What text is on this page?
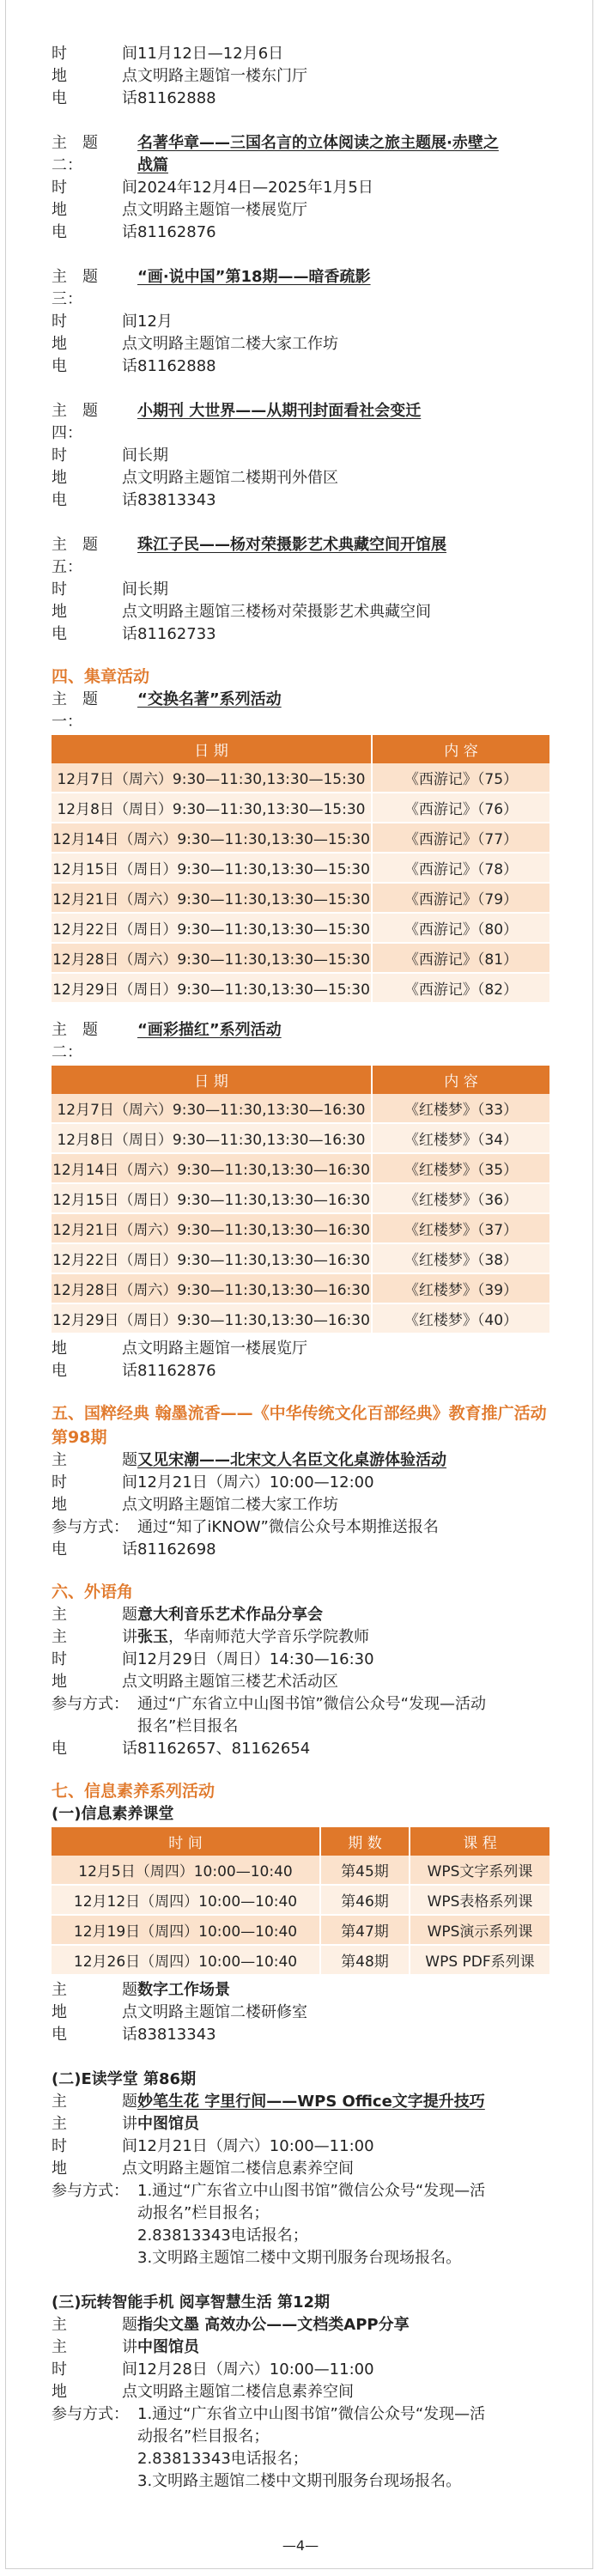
时	间 11月12日—12月6日
地	点 文明路主题馆一楼东门厅
电	话 81162888
主　题　二：
名著华章——三国名言的立体阅读之旅主题展·赤壁之
战篇
时	间 2024年12月4日—2025年1月5日
地	点 文明路主题馆一楼展览厅
电	话 81162876
主　题　三：
“画·说中国”第18期——暗香疏影
时	间 12月
地	点 文明路主题馆二楼大家工作坊
电	话 81162888
主　题　四：
小期刊 大世界——从期刊封面看社会变迁
时	间 长期
地	点 文明路主题馆二楼期刊外借区
电	话 83813343
主　题　五：
珠江子民——杨对荣摄影艺术典藏空间开馆展
时	间 长期
地	点 文明路主题馆三楼杨对荣摄影艺术典藏空间
电	话 81162733
四、集章活动
主　题　一：
“交换名著”系列活动
日 期	内 容
12月7日（周六）9:30—11:30,13:30—15:30	《西游记》（75）
12月8日（周日）9:30—11:30,13:30—15:30	《西游记》（76）
12月14日（周六）9:30—11:30,13:30—15:30	《西游记》（77）
12月15日（周日）9:30—11:30,13:30—15:30	《西游记》（78）
12月21日（周六）9:30—11:30,13:30—15:30	《西游记》（79）
12月22日（周日）9:30—11:30,13:30—15:30	《西游记》（80）
12月28日（周六）9:30—11:30,13:30—15:30	《西游记》（81）
12月29日（周日）9:30—11:30,13:30—15:30	《西游记》（82）
主　题　二：
“画彩描红”系列活动
日 期	内 容
12月7日（周六）9:30—11:30,13:30—16:30	《红楼梦》（33）
12月8日（周日）9:30—11:30,13:30—16:30	《红楼梦》（34）
12月14日（周六）9:30—11:30,13:30—16:30	《红楼梦》（35）
12月15日（周日）9:30—11:30,13:30—16:30	《红楼梦》（36）
12月21日（周六）9:30—11:30,13:30—16:30	《红楼梦》（37）
12月22日（周日）9:30—11:30,13:30—16:30	《红楼梦》（38）
12月28日（周六）9:30—11:30,13:30—16:30	《红楼梦》（39）
12月29日（周日）9:30—11:30,13:30—16:30	《红楼梦》（40）
地	点 文明路主题馆一楼展览厅
电	话 81162876
五、国粹经典 翰墨流香——《中华传统文化百部经典》教育推广活动
第98期
主	题 又见宋潮——北宋文人名臣文化桌游体验活动
时	间 12月21日（周六）10:00—12:00
地	点 文明路主题馆二楼大家工作坊
参与方式： 通过“知了iKNOW”微信公众号本期推送报名
电	话 81162698
六、外语角
主	题 意大利音乐艺术作品分享会
主	讲 张玉，华南师范大学音乐学院教师
时	间 12月29日（周日）14:30—16:30
地	点 文明路主题馆三楼艺术活动区
参与方式： 通过“广东省立中山图书馆”微信公众号“发现—活动
报名”栏目报名
电	话 81162657、81162654
七、信息素养系列活动
(一)信息素养课堂
时 间	期 数	课 程
12月5日（周四）10:00—10:40	第45期	WPS文字系列课
12月12日（周四）10:00—10:40	第46期	WPS表格系列课
12月19日（周四）10:00—10:40	第47期	WPS演示系列课
12月26日（周四）10:00—10:40	第48期	WPS PDF系列课
主	题 数字工作场景
地	点 文明路主题馆二楼研修室
电	话 83813343
(二)E读学堂 第86期
主	题 妙笔生花 字里行间——WPS Office文字提升技巧
主	讲 中图馆员
时	间 12月21日（周六）10:00—11:00
地	点 文明路主题馆二楼信息素养空间
参与方式： 1.通过“广东省立中山图书馆”微信公众号“发现—活
动报名”栏目报名；
2.83813343电话报名；
3.文明路主题馆二楼中文期刊服务台现场报名。
(三)玩转智能手机 阅享智慧生活 第12期
主	题 指尖文墨 高效办公——文档类APP分享
主	讲 中图馆员
时	间 12月28日（周六）10:00—11:00
地	点 文明路主题馆二楼信息素养空间
参与方式： 1.通过“广东省立中山图书馆”微信公众号“发现—活
动报名”栏目报名；
2.83813343电话报名；
3.文明路主题馆二楼中文期刊服务台现场报名。
—4—
